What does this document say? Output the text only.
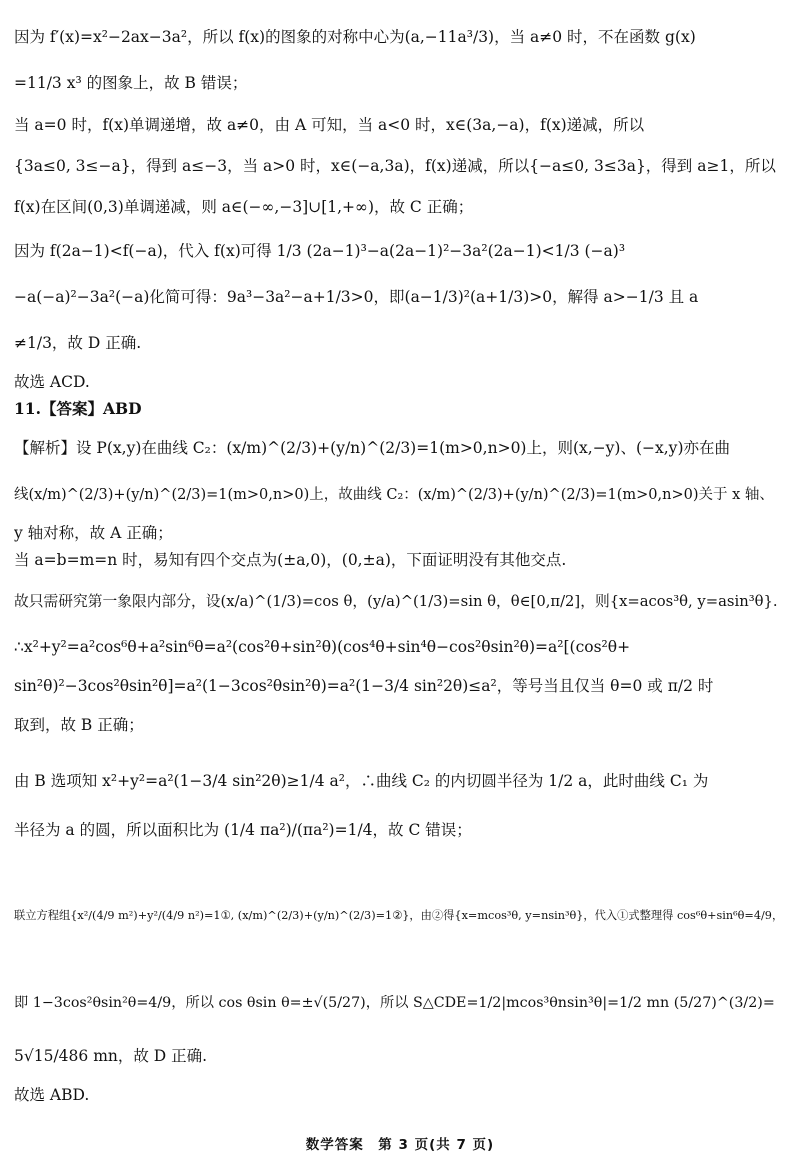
因为 f′(x)=x²−2ax−3a²，所以 f(x)的图象的对称中心为(a,−11a³/3)，当 a≠0 时，不在函数 g(x)

=11/3 x³ 的图象上，故 B 错误；

当 a=0 时，f(x)单调递增，故 a≠0，由 A 可知，当 a<0 时，x∈(3a,−a)，f(x)递减，所以

{3a≤0, 3≤−a}，得到 a≤−3，当 a>0 时，x∈(−a,3a)，f(x)递减，所以{−a≤0, 3≤3a}，得到 a≥1，所以

f(x)在区间(0,3)单调递减，则 a∈(−∞,−3]∪[1,+∞)，故 C 正确；

因为 f(2a−1)<f(−a)，代入 f(x)可得 1/3 (2a−1)³−a(2a−1)²−3a²(2a−1)<1/3 (−a)³

−a(−a)²−3a²(−a)化简可得：9a³−3a²−a+1/3>0，即(a−1/3)²(a+1/3)>0，解得 a>−1/3 且 a

≠1/3，故 D 正确.

故选 ACD.

11.【答案】ABD

【解析】设 P(x,y)在曲线 C₂：(x/m)^(2/3)+(y/n)^(2/3)=1(m>0,n>0)上，则(x,−y)、(−x,y)亦在曲

线(x/m)^(2/3)+(y/n)^(2/3)=1(m>0,n>0)上，故曲线 C₂：(x/m)^(2/3)+(y/n)^(2/3)=1(m>0,n>0)关于 x 轴、

y 轴对称，故 A 正确；

当 a=b=m=n 时，易知有四个交点为(±a,0)，(0,±a)，下面证明没有其他交点.

故只需研究第一象限内部分，设(x/a)^(1/3)=cos θ，(y/a)^(1/3)=sin θ，θ∈[0,π/2]，则{x=acos³θ, y=asin³θ}.

∴x²+y²=a²cos⁶θ+a²sin⁶θ=a²(cos²θ+sin²θ)(cos⁴θ+sin⁴θ−cos²θsin²θ)=a²[(cos²θ+

sin²θ)²−3cos²θsin²θ]=a²(1−3cos²θsin²θ)=a²(1−3/4 sin²2θ)≤a²，等号当且仅当 θ=0 或 π/2 时

取到，故 B 正确；

由 B 选项知 x²+y²=a²(1−3/4 sin²2θ)≥1/4 a²，∴曲线 C₂ 的内切圆半径为 1/2 a，此时曲线 C₁ 为

半径为 a 的圆，所以面积比为 (1/4 πa²)/(πa²)=1/4，故 C 错误；

联立方程组{x²/(4/9 m²)+y²/(4/9 n²)=1①, (x/m)^(2/3)+(y/n)^(2/3)=1②}，由②得{x=mcos³θ, y=nsin³θ}，代入①式整理得 cos⁶θ+sin⁶θ=4/9，

即 1−3cos²θsin²θ=4/9，所以 cos θsin θ=±√(5/27)，所以 S△CDE=1/2|mcos³θnsin³θ|=1/2 mn (5/27)^(3/2)=

5√15/486 mn，故 D 正确.

故选 ABD.

数学答案　第 3 页(共 7 页)
